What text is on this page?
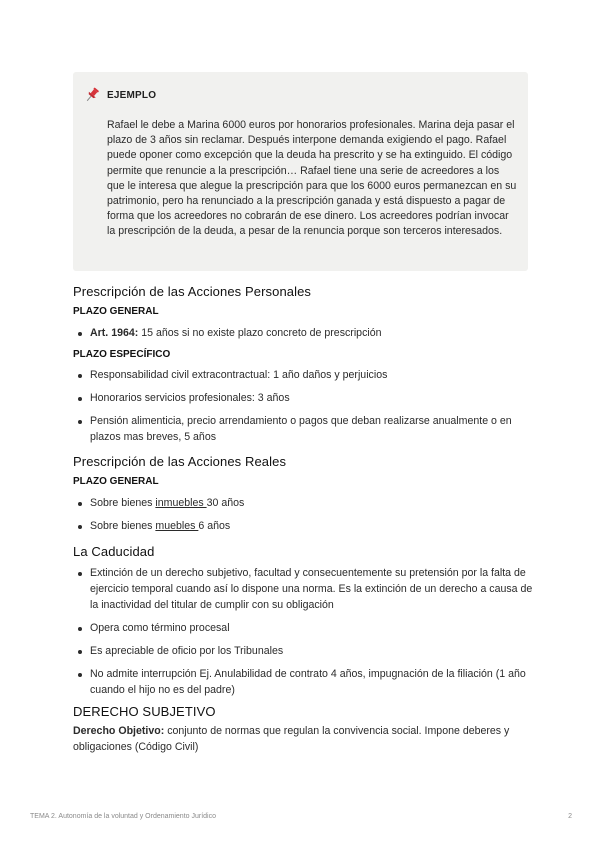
EJEMPLO
Rafael le debe a Marina 6000 euros por honorarios profesionales. Marina deja pasar el plazo de 3 años sin reclamar. Después interpone demanda exigiendo el pago. Rafael puede oponer como excepción que la deuda ha prescrito y se ha extinguido. El código permite que renuncie a la prescripción… Rafael tiene una serie de acreedores a los que le interesa que alegue la prescripción para que los 6000 euros permanezcan en su patrimonio, pero ha renunciado a la prescripción ganada y está dispuesto a pagar de forma que los acreedores no cobrarán de ese dinero. Los acreedores podrían invocar la prescripción de la deuda, a pesar de la renuncia porque son terceros interesados.
Prescripción de las Acciones Personales
PLAZO GENERAL
Art. 1964: 15 años si no existe plazo concreto de prescripción
PLAZO ESPECÍFICO
Responsabilidad civil extracontractual: 1 año daños y perjuicios
Honorarios servicios profesionales: 3 años
Pensión alimenticia, precio arrendamiento o pagos que deban realizarse anualmente o en plazos mas breves, 5 años
Prescripción de las Acciones Reales
PLAZO GENERAL
Sobre bienes inmuebles 30 años
Sobre bienes muebles 6 años
La Caducidad
Extinción de un derecho subjetivo, facultad y consecuentemente su pretensión por la falta de ejercicio temporal cuando así lo dispone una norma. Es la extinción de un derecho a causa de la inactividad del titular de cumplir con su obligación
Opera como término procesal
Es apreciable de oficio por los Tribunales
No admite interrupción Ej. Anulabilidad de contrato 4 años, impugnación de la filiación (1 año cuando el hijo no es del padre)
DERECHO SUBJETIVO
Derecho Objetivo: conjunto de normas que regulan la convivencia social. Impone deberes y obligaciones (Código Civil)
TEMA 2. Autonomía de la voluntad y Ordenamiento Jurídico	2
